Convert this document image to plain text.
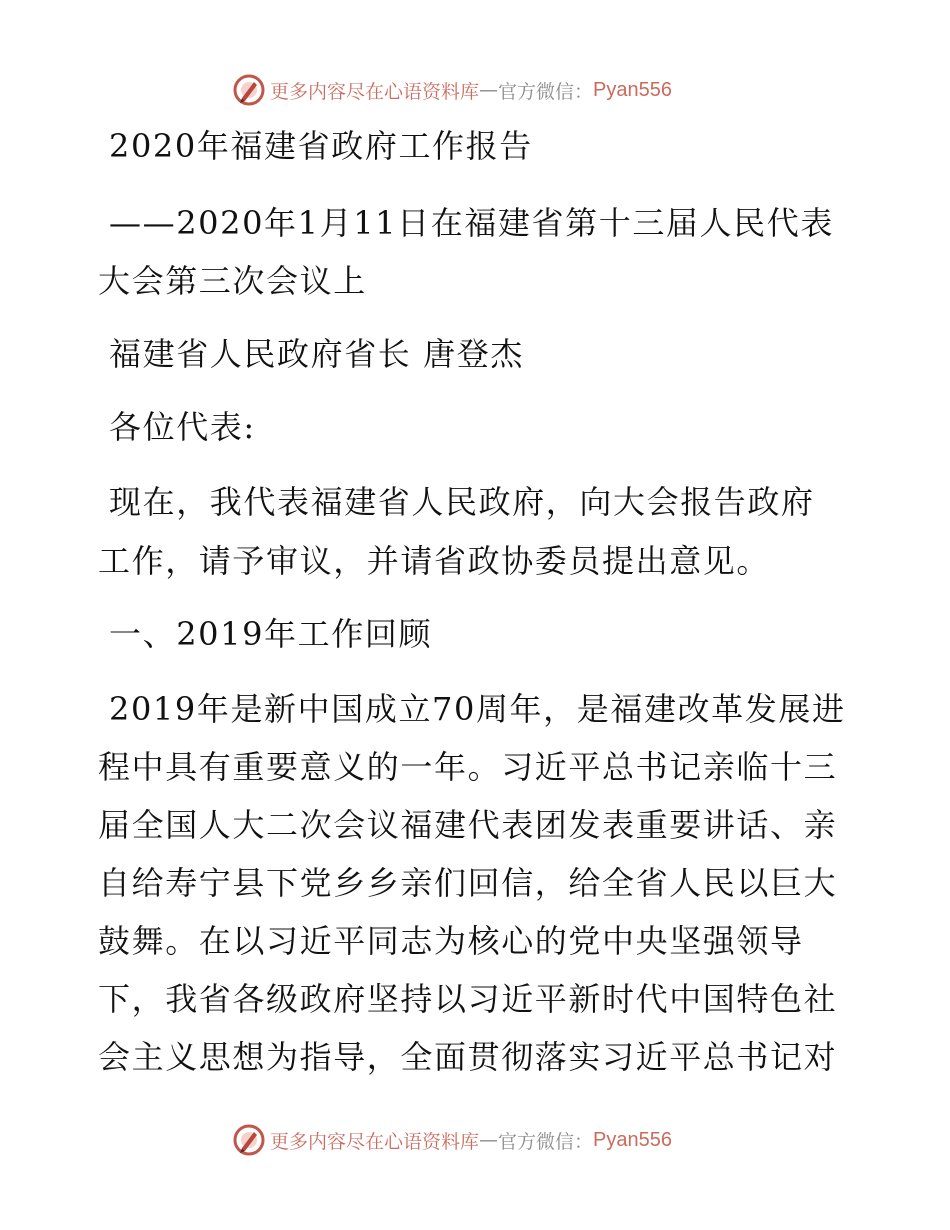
更多内容尽在心语资料库 — 官方微信： Pyan556
2020年福建省政府工作报告
——2020年1月11日在福建省第十三届人民代表
大会第三次会议上
福建省人民政府省长 唐登杰
各位代表:
现在，我代表福建省人民政府，向大会报告政府
工作，请予审议，并请省政协委员提出意见。
一、2019年工作回顾
2019年是新中国成立70周年，是福建改革发展进
程中具有重要意义的一年。习近平总书记亲临十三
届全国人大二次会议福建代表团发表重要讲话、亲
自给寿宁县下党乡乡亲们回信，给全省人民以巨大
鼓舞。在以习近平同志为核心的党中央坚强领导
下，我省各级政府坚持以习近平新时代中国特色社
会主义思想为指导，全面贯彻落实习近平总书记对
更多内容尽在心语资料库 — 官方微信： Pyan556
